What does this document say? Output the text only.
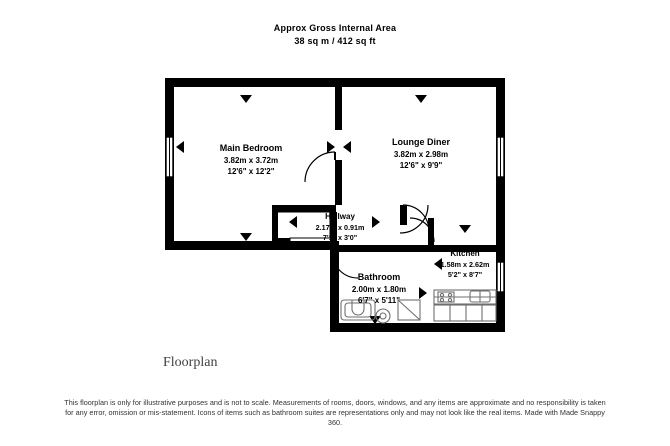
Approx Gross Internal Area
38 sq m / 412 sq ft
Main Bedroom
3.82m x 3.72m
12'6" x 12'2"
Lounge Diner
3.82m x 2.98m
12'6" x 9'9"
Hallway
2.17m x 0.91m
7'1" x 3'0"
Bathroom
2.00m x 1.80m
6'7" x 5'11"
Kitchen
1.58m x 2.62m
5'2" x 8'7"
Floorplan
This floorplan is only for illustrative purposes and is not to scale. Measurements of rooms, doors, windows, and any items are approximate and no responsibility is taken for any error, omission or mis-statement. Icons of items such as bathroom suites are representations only and may not look like the real items. Made with Made Snappy 360.
